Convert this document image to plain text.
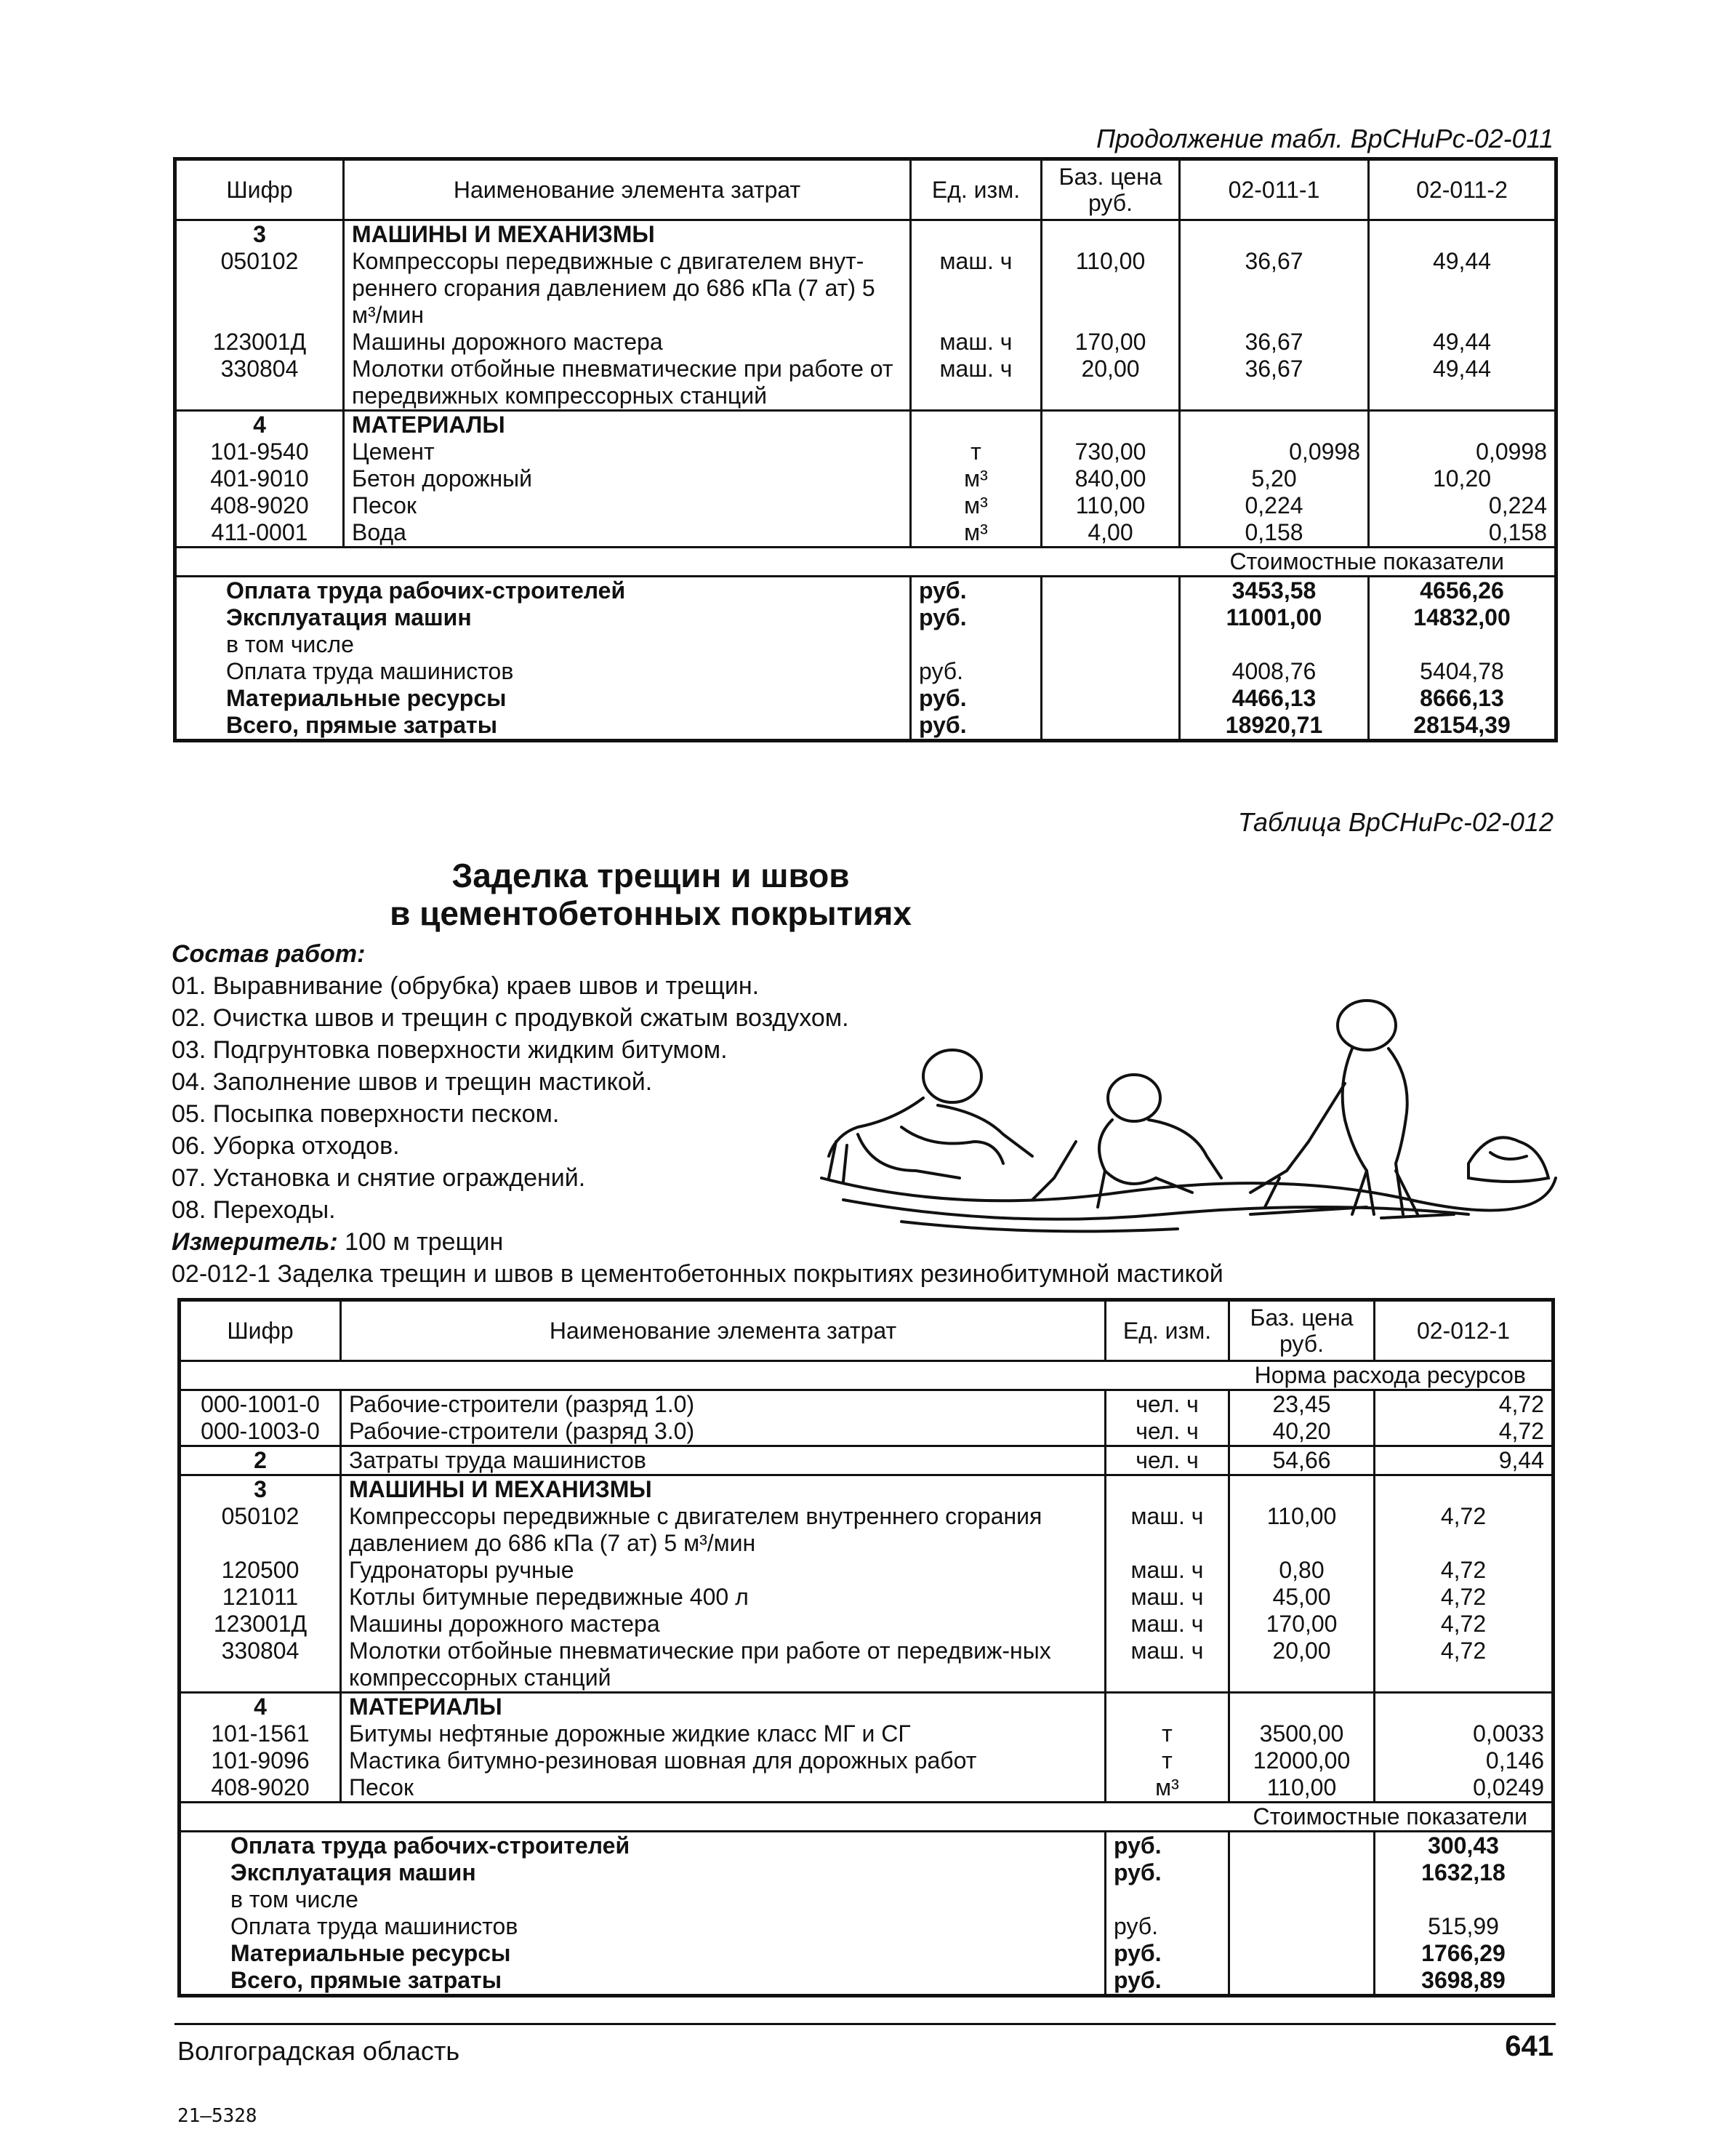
Продолжение табл. ВрСНиРс-02-011
Шифр	Наименование элемента затрат	Ед. изм.	Баз. цена руб.	02-011-1	02-011-2
3	МАШИНЫ И МЕХАНИЗМЫ				
050102	Компрессоры передвижные с двигателем внут-реннего сгорания давлением до 686 кПа (7 ат) 5 м³/мин	маш. ч	110,00	36,67	49,44
123001Д	Машины дорожного мастера	маш. ч	170,00	36,67	49,44
330804	Молотки отбойные пневматические при работе от передвижных компрессорных станций	маш. ч	20,00	36,67	49,44
4	МАТЕРИАЛЫ				
101-9540	Цемент	т	730,00	0,0998	0,0998
401-9010	Бетон дорожный	м³	840,00	5,20	10,20
408-9020	Песок	м³	110,00	0,224	0,224
411-0001	Вода	м³	4,00	0,158	0,158
				Стоимостные показатели	
Оплата труда рабочих-строителей		руб.		3453,58	4656,26
Эксплуатация машин		руб.		11001,00	14832,00
в том числе					
Оплата труда машинистов		руб.		4008,76	5404,78
Материальные ресурсы		руб.		4466,13	8666,13
Всего, прямые затраты		руб.		18920,71	28154,39
Таблица ВрСНиРс-02-012
Заделка трещин и швов
в цементобетонных покрытиях
Состав работ:
01. Выравнивание (обрубка) краев швов и трещин.
02. Очистка швов и трещин с продувкой сжатым воздухом.
03. Подгрунтовка поверхности жидким битумом.
04. Заполнение швов и трещин мастикой.
05. Посыпка поверхности песком.
06. Уборка отходов.
07. Установка и снятие ограждений.
08. Переходы.
Измеритель: 100 м трещин
02-012-1 Заделка трещин и швов в цементобетонных покрытиях резинобитумной мастикой
Шифр	Наименование элемента затрат	Ед. изм.	Баз. цена руб.	02-012-1
			Норма расхода ресурсов	
000-1001-0	Рабочие-строители (разряд 1.0)	чел. ч	23,45	4,72
000-1003-0	Рабочие-строители (разряд 3.0)	чел. ч	40,20	4,72
2	Затраты труда машинистов	чел. ч	54,66	9,44
3	МАШИНЫ И МЕХАНИЗМЫ			
050102	Компрессоры передвижные с двигателем внутреннего сгорания давлением до 686 кПа (7 ат) 5 м³/мин	маш. ч	110,00	4,72
120500	Гудронаторы ручные	маш. ч	0,80	4,72
121011	Котлы битумные передвижные 400 л	маш. ч	45,00	4,72
123001Д	Машины дорожного мастера	маш. ч	170,00	4,72
330804	Молотки отбойные пневматические при работе от передвиж-ных компрессорных станций	маш. ч	20,00	4,72
4	МАТЕРИАЛЫ			
101-1561	Битумы нефтяные дорожные жидкие класс МГ и СГ	т	3500,00	0,0033
101-9096	Мастика битумно-резиновая шовная для дорожных работ	т	12000,00	0,146
408-9020	Песок	м³	110,00	0,0249
			Стоимостные показатели	
Оплата труда рабочих-строителей		руб.		300,43
Эксплуатация машин		руб.		1632,18
в том числе				
Оплата труда машинистов		руб.		515,99
Материальные ресурсы		руб.		1766,29
Всего, прямые затраты		руб.		3698,89
Волгоградская область	641
21—5328
